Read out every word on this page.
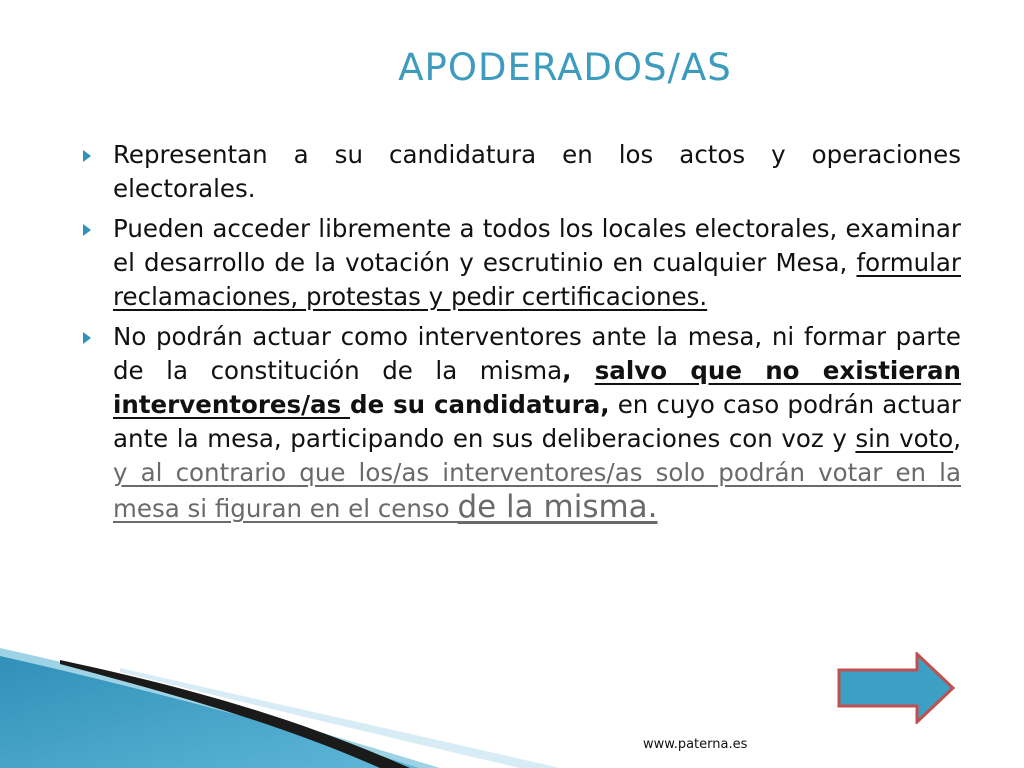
APODERADOS/AS
Representan a su candidatura en los actos y operaciones electorales.
Pueden acceder libremente a todos los locales electorales, examinar el desarrollo de la votación y escrutinio en cualquier Mesa, formular reclamaciones, protestas y pedir certificaciones.
No podrán actuar como interventores ante la mesa, ni formar parte de la constitución de la misma, salvo que no existieran interventores/as de su candidatura, en cuyo caso podrán actuar ante la mesa, participando en sus deliberaciones con voz y sin voto, y al contrario que los/as interventores/as solo podrán votar en la mesa si figuran en el censo de la misma.
www.paterna.es
